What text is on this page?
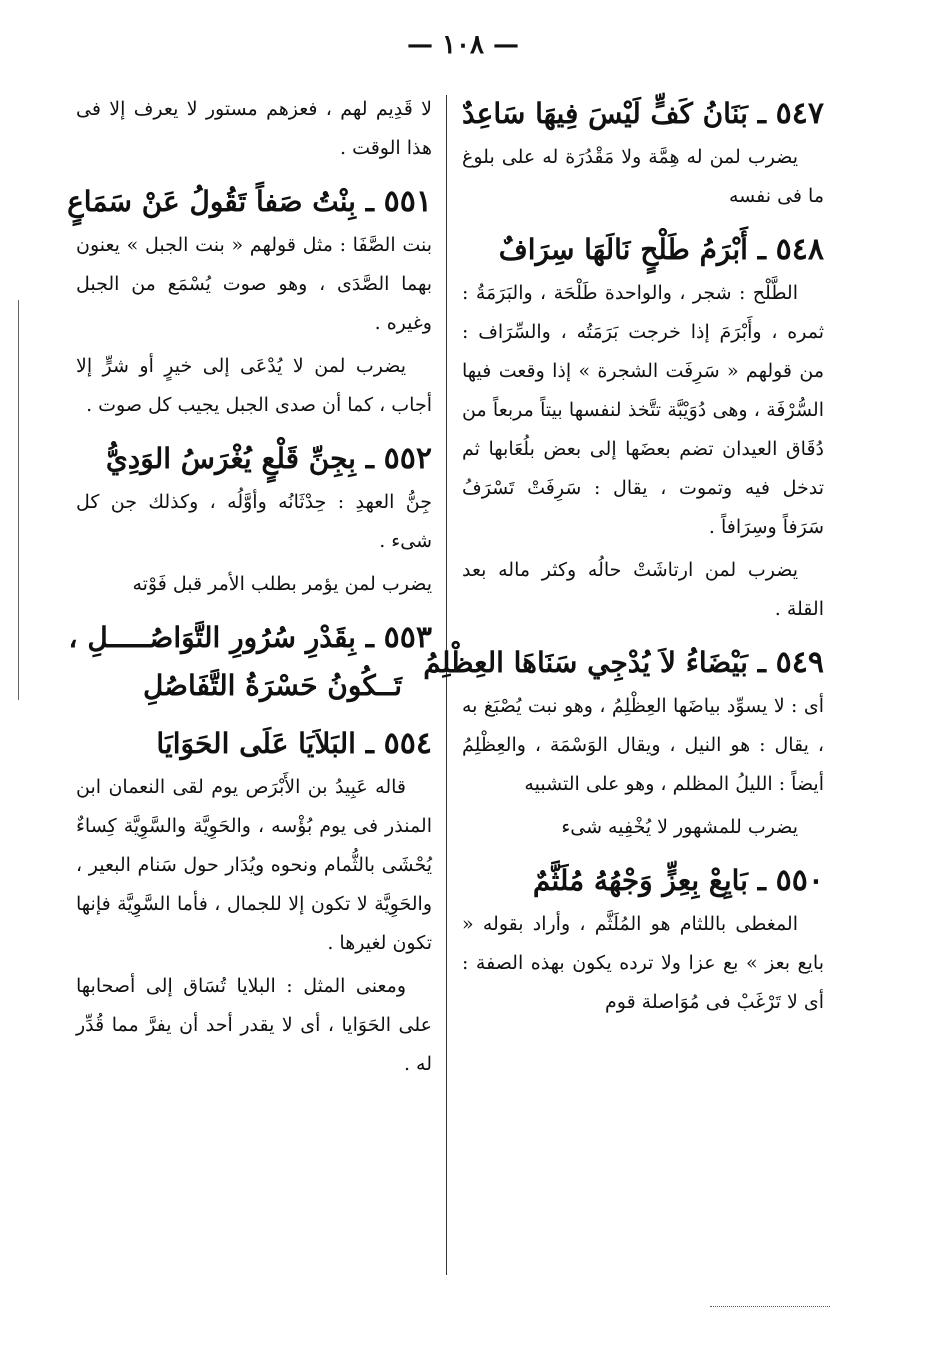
— ١٠٨ —

٥٤٧ ـ بَنَانُ كَفٍّ لَيْسَ فِيهَا سَاعِدٌ

يضرب لمن له هِمَّة ولا مَقْدُرَة له على بلوغ ما فى نفسه

٥٤٨ ـ أَبْرَمُ طَلْحٍ نَالَهَا سِرَافٌ

الطَّلْح : شجر ، والواحدة طَلْحَة ، والبَرَمَةُ : ثمره ، وأَبْرَمَ إذا خرجت بَرَمَتُه ، والسِّرَاف : من قولهم « سَرِفَت الشجرة » إذا وقعت فيها السُّرْفَة ، وهى دُوَيْبَّة تتَّخذ لنفسها بيتاً مربعاً من دُقَاق العيدان تضم بعضَها إلى بعض بلُعَابها ثم تدخل فيه وتموت ، يقال : سَرِفَتْ تَسْرَفُ سَرَفاً وسِرَافاً .

يضرب لمن ارتاشَتْ حالُه وكثر ماله بعد القلة .

٥٤٩ ـ بَيْضَاءُ لاَ يُدْجِي سَنَاهَا العِظْلِمُ

أى : لا يسوِّد بياضَها العِظْلِمُ ، وهو نبت يُصْبَغ به ، يقال : هو النيل ، ويقال الوَسْمَة ، والعِظْلِمُ أيضاً : الليلُ المظلم ، وهو على التشبيه

يضرب للمشهور لا يُخْفِيه شىء

٥٥٠ ـ بَايِعْ بِعِزٍّ وَجْهُهُ مُلَثَّمٌ

المغطى باللثام هو المُلَثَّم ، وأراد بقوله « بايع بعز » بع عزا ولا ترده يكون بهذه الصفة : أى لا تَرْغَبْ فى مُوَاصلة قوم

لا قَدِيم لهم ، فعزهم مستور لا يعرف إلا فى هذا الوقت .

٥٥١ ـ بِنْتُ صَفاً تَقُولُ عَنْ سَمَاعٍ

بنت الصَّفَا : مثل قولهم « بنت الجبل » يعنون بهما الصَّدَى ، وهو صوت يُسْمَع من الجبل وغيره .

يضرب لمن لا يُدْعَى إلى خيرٍ أو شرٍّ إلا أجاب ، كما أن صدى الجبل يجيب كل صوت .

٥٥٢ ـ بِجِنِّ قَلْعٍ يُغْرَسُ الوَدِيُّ

جِنُّ العهدِ : حِدْثَانُه وأوَّلُه ، وكذلك جن كل شىء .

يضرب لمن يؤمر بطلب الأمر قبل فَوْته

٥٥٣ ـ بِقَدْرِ سُرُورِ التَّوَاصُـــــلِ ،

تَــكُونُ حَسْرَةُ التَّفَاصُلِ

٥٥٤ ـ البَلاَيَا عَلَى الحَوَايَا

قاله عَبِيدُ بن الأَبْرَص يوم لقى النعمان ابن المنذر فى يوم بُؤْسه ، والحَوِيَّة والسَّوِيَّة كِساءٌ يُحْشَى بالثُّمام ونحوه ويُدَار حول سَنام البعير ، والحَوِيَّة لا تكون إلا للجمال ، فأما السَّوِيَّة فإنها تكون لغيرها .

ومعنى المثل : البلايا تُسَاق إلى أصحابها على الحَوَايا ، أى لا يقدر أحد أن يفرَّ مما قُدِّر له .
